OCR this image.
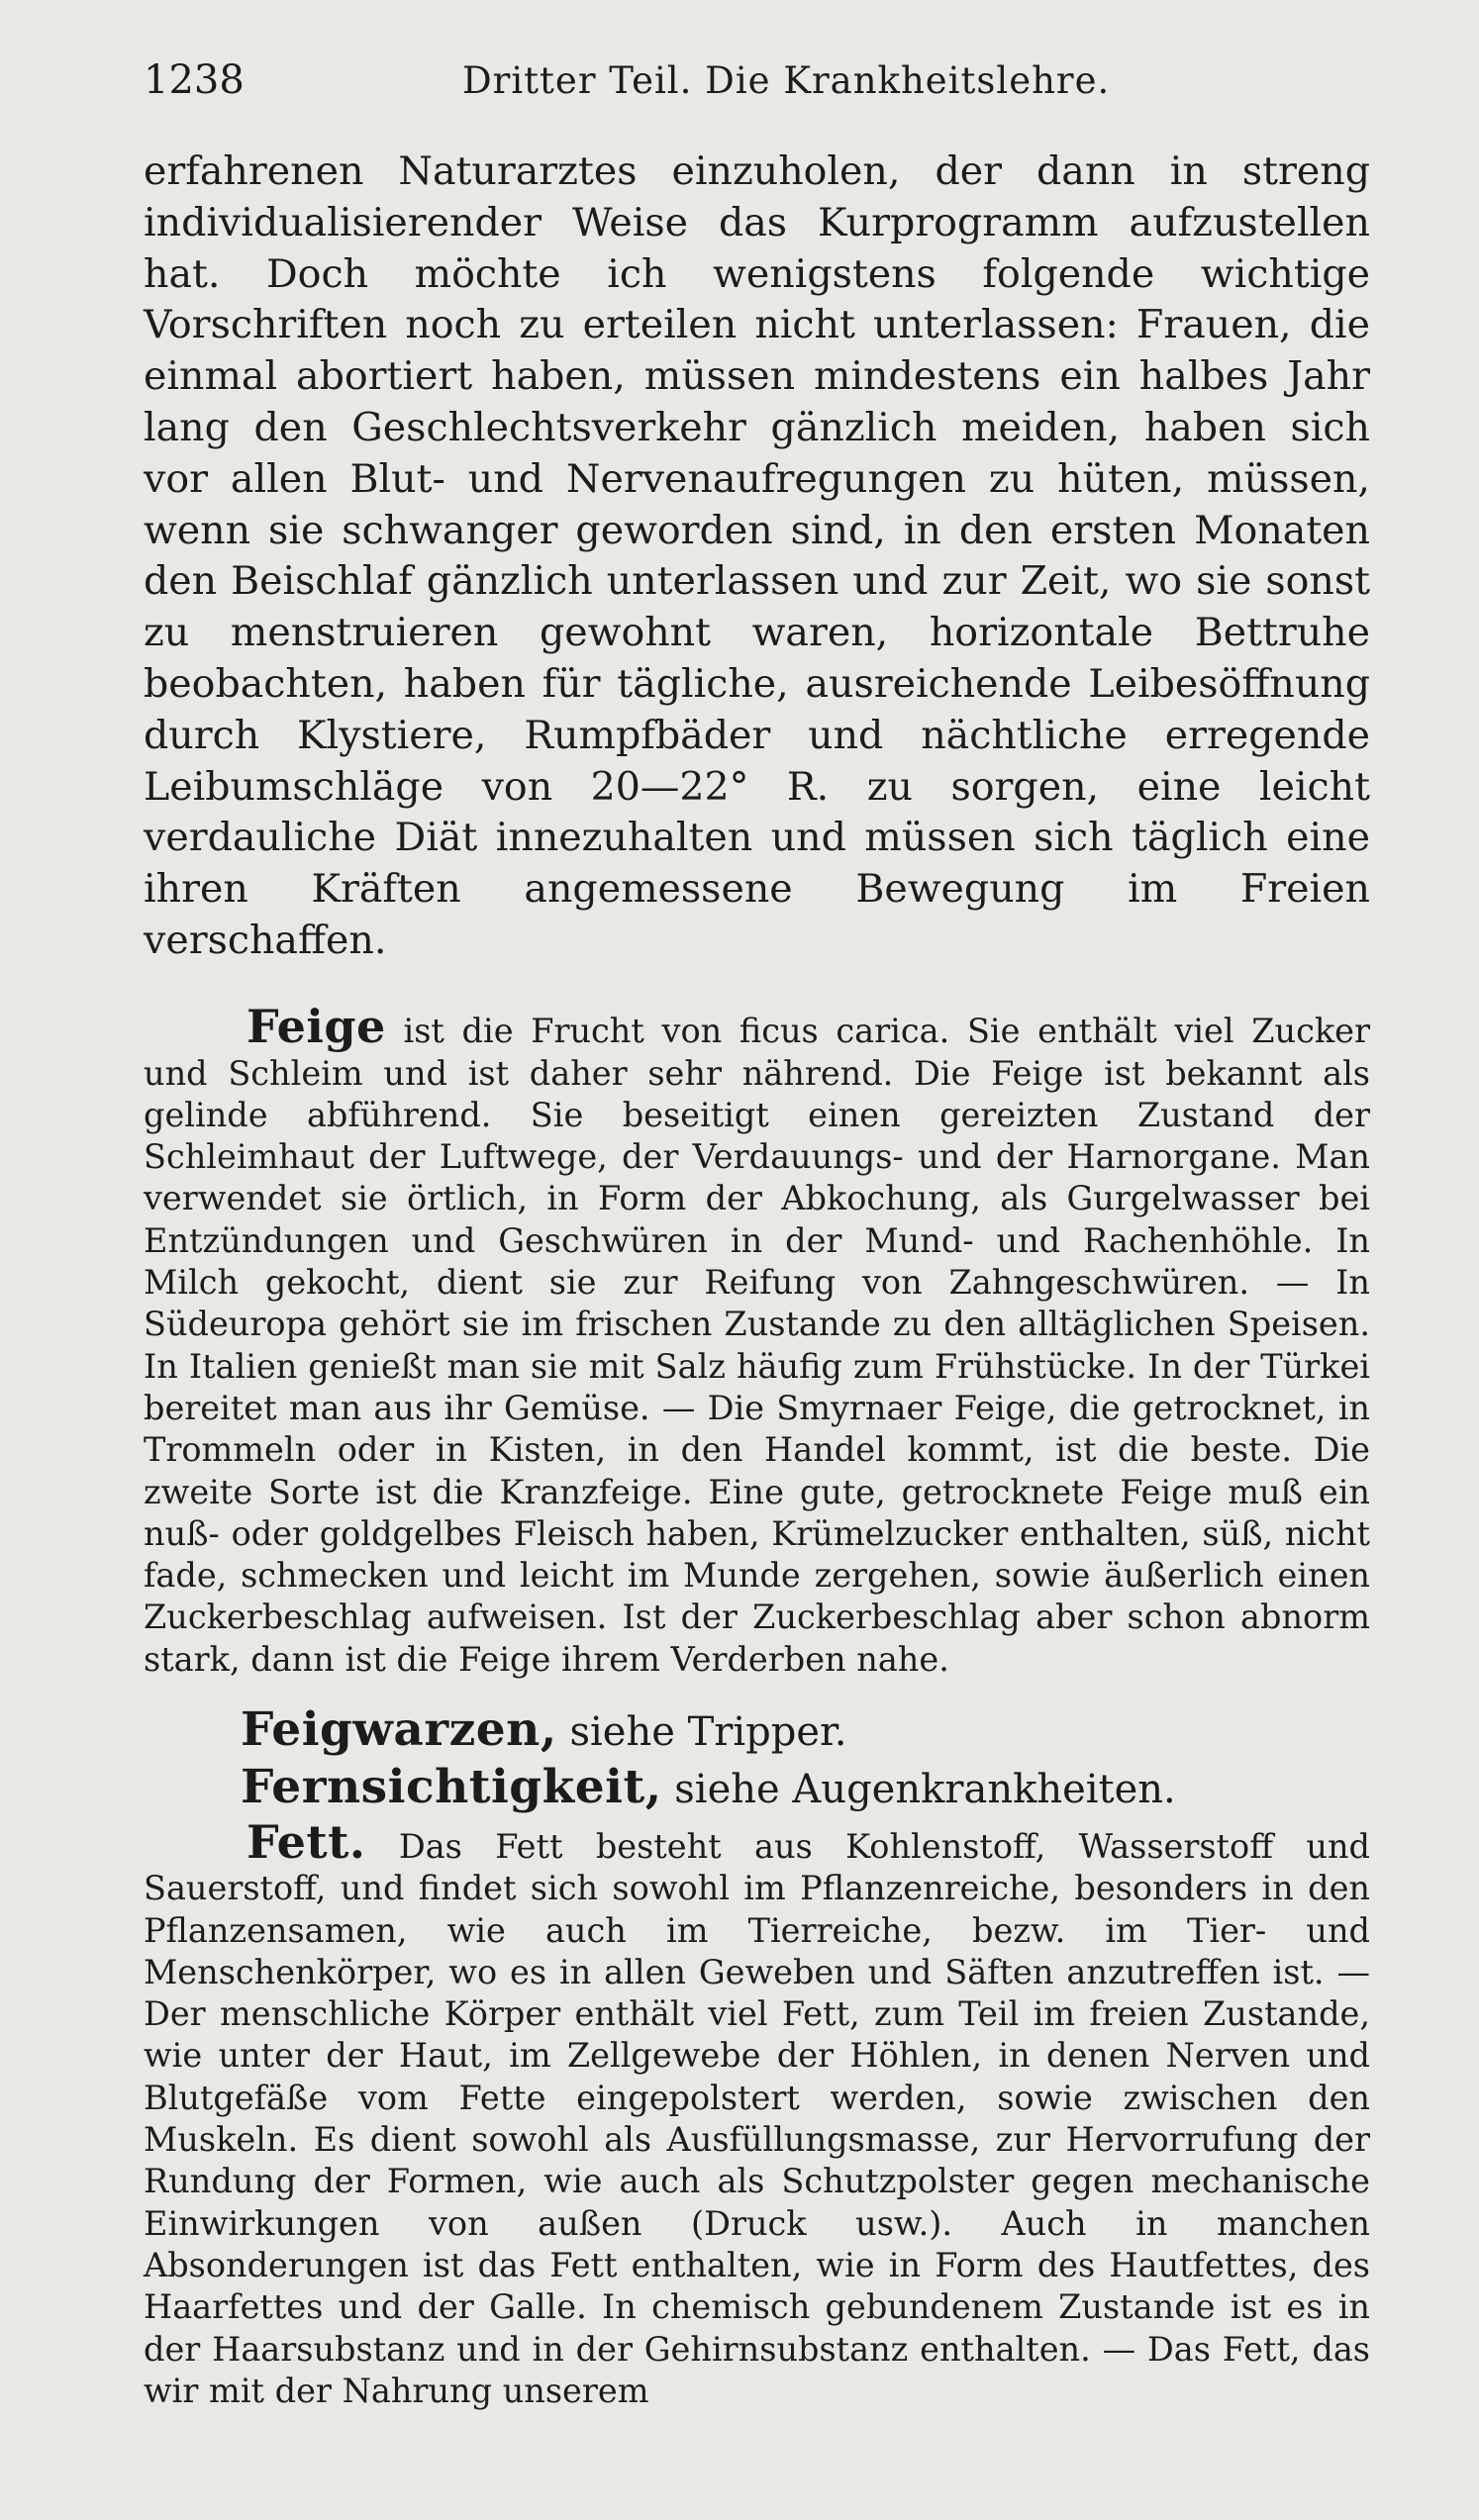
1238	Dritter Teil. Die Krankheitslehre.

erfahrenen Naturarztes einzuholen, der dann in streng individualisierender Weise das Kurprogramm aufzustellen hat. Doch möchte ich wenigstens folgende wichtige Vorschriften noch zu erteilen nicht unterlassen: Frauen, die einmal abortiert haben, müssen mindestens ein halbes Jahr lang den Geschlechtsverkehr gänzlich meiden, haben sich vor allen Blut- und Nervenaufregungen zu hüten, müssen, wenn sie schwanger geworden sind, in den ersten Monaten den Beischlaf gänzlich unterlassen und zur Zeit, wo sie sonst zu menstruieren gewohnt waren, horizontale Bettruhe beobachten, haben für tägliche, ausreichende Leibesöffnung durch Klystiere, Rumpfbäder und nächtliche erregende Leibumschläge von 20—22° R. zu sorgen, eine leicht verdauliche Diät innezuhalten und müssen sich täglich eine ihren Kräften angemessene Bewegung im Freien verschaffen.

Feige ist die Frucht von ficus carica. Sie enthält viel Zucker und Schleim und ist daher sehr nährend. Die Feige ist bekannt als gelinde abführend. Sie beseitigt einen gereizten Zustand der Schleimhaut der Luftwege, der Verdauungs- und der Harnorgane. Man verwendet sie örtlich, in Form der Abkochung, als Gurgelwasser bei Entzündungen und Geschwüren in der Mund- und Rachenhöhle. In Milch gekocht, dient sie zur Reifung von Zahngeschwüren. — In Südeuropa gehört sie im frischen Zustande zu den alltäglichen Speisen. In Italien genießt man sie mit Salz häufig zum Frühstücke. In der Türkei bereitet man aus ihr Gemüse. — Die Smyrnaer Feige, die getrocknet, in Trommeln oder in Kisten, in den Handel kommt, ist die beste. Die zweite Sorte ist die Kranzfeige. Eine gute, getrocknete Feige muß ein nuß- oder goldgelbes Fleisch haben, Krümelzucker enthalten, süß, nicht fade, schmecken und leicht im Munde zergehen, sowie äußerlich einen Zuckerbeschlag aufweisen. Ist der Zuckerbeschlag aber schon abnorm stark, dann ist die Feige ihrem Verderben nahe.

Feigwarzen, siehe Tripper.

Fernsichtigkeit, siehe Augenkrankheiten.

Fett. Das Fett besteht aus Kohlenstoff, Wasserstoff und Sauerstoff, und findet sich sowohl im Pflanzenreiche, besonders in den Pflanzensamen, wie auch im Tierreiche, bezw. im Tier- und Menschenkörper, wo es in allen Geweben und Säften anzutreffen ist. — Der menschliche Körper enthält viel Fett, zum Teil im freien Zustande, wie unter der Haut, im Zellgewebe der Höhlen, in denen Nerven und Blutgefäße vom Fette eingepolstert werden, sowie zwischen den Muskeln. Es dient sowohl als Ausfüllungsmasse, zur Hervorrufung der Rundung der Formen, wie auch als Schutzpolster gegen mechanische Einwirkungen von außen (Druck usw.). Auch in manchen Absonderungen ist das Fett enthalten, wie in Form des Hautfettes, des Haarfettes und der Galle. In chemisch gebundenem Zustande ist es in der Haarsubstanz und in der Gehirnsubstanz enthalten. — Das Fett, das wir mit der Nahrung unserem
